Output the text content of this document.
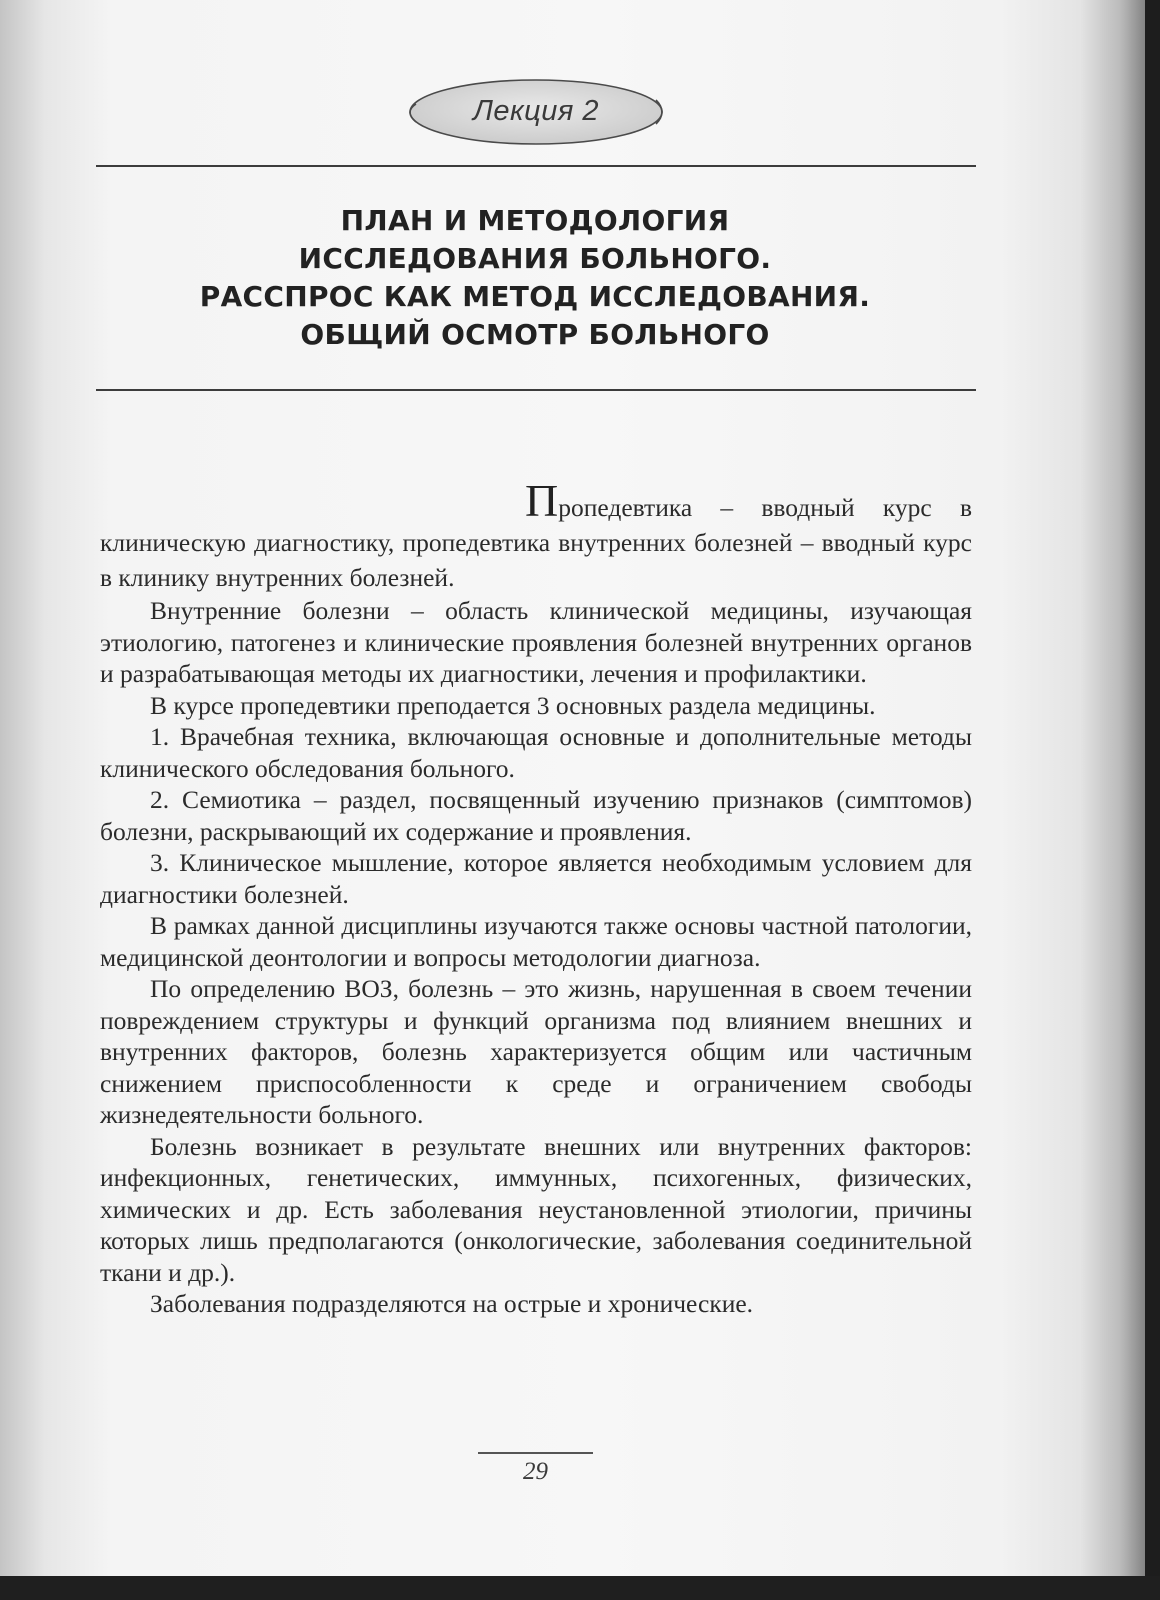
Лекция 2
ПЛАН И МЕТОДОЛОГИЯ
ИССЛЕДОВАНИЯ БОЛЬНОГО.
РАССПРОС КАК МЕТОД ИССЛЕДОВАНИЯ.
ОБЩИЙ ОСМОТР БОЛЬНОГО

Пропедевтика – вводный курс в клиническую диагностику, пропедевтика внутренних болезней – вводный курс в клинику внутренних болезней.

Внутренние болезни – область клинической медицины, изучающая этиологию, патогенез и клинические проявления болезней внутренних органов и разрабатывающая методы их диагностики, лечения и профилактики.

В курсе пропедевтики преподается 3 основных раздела медицины.

1. Врачебная техника, включающая основные и дополнительные методы клинического обследования больного.

2. Семиотика – раздел, посвященный изучению признаков (симптомов) болезни, раскрывающий их содержание и проявления.

3. Клиническое мышление, которое является необходимым условием для диагностики болезней.

В рамках данной дисциплины изучаются также основы частной патологии, медицинской деонтологии и вопросы методологии диагноза.

По определению ВОЗ, болезнь – это жизнь, нарушенная в своем течении повреждением структуры и функций организма под влиянием внешних и внутренних факторов, болезнь характеризуется общим или частичным снижением приспособленности к среде и ограничением свободы жизнедеятельности больного.

Болезнь возникает в результате внешних или внутренних факторов: инфекционных, генетических, иммунных, психогенных, физических, химических и др. Есть заболевания неустановленной этиологии, причины которых лишь предполагаются (онкологические, заболевания соединительной ткани и др.).

Заболевания подразделяются на острые и хронические.

29
